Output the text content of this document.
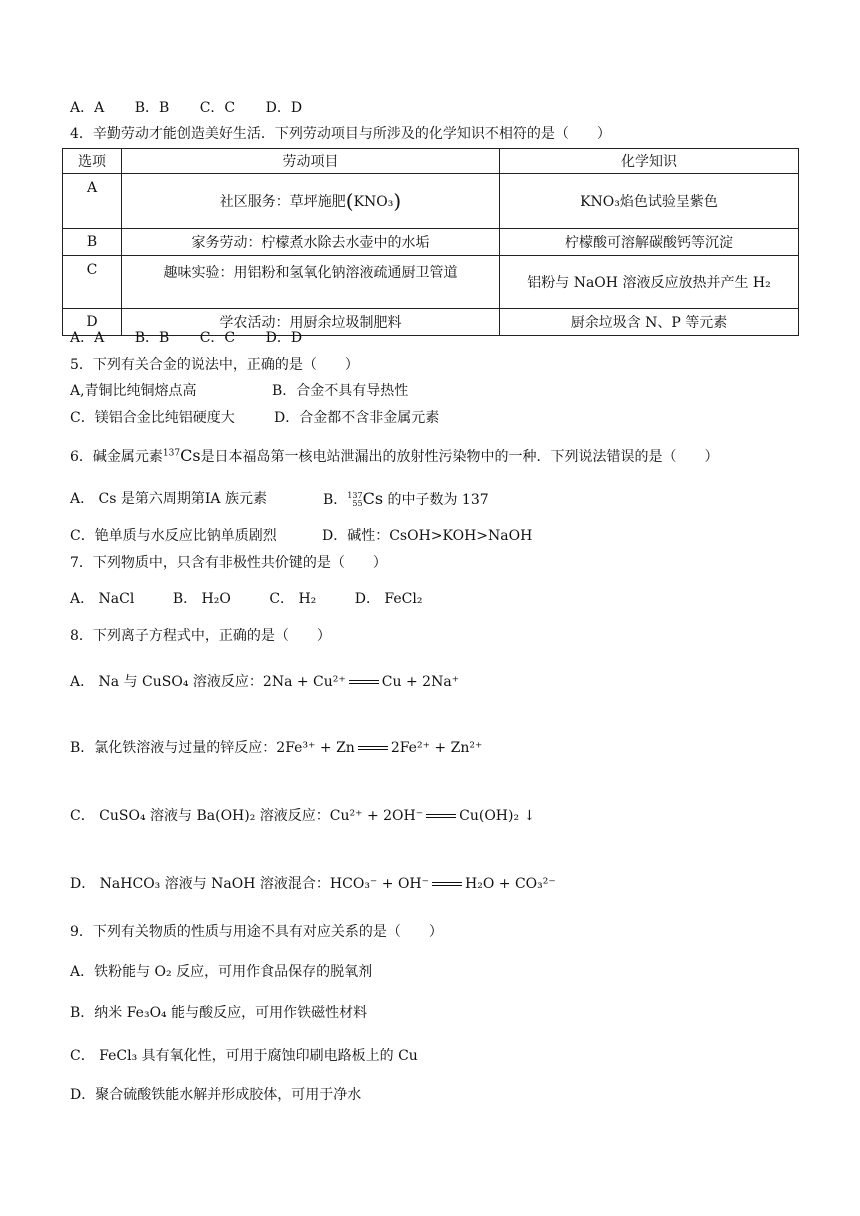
A．A B．B C．C D．D
4．辛勤劳动才能创造美好生活．下列劳动项目与所涉及的化学知识不相符的是（　　）
选项	劳动项目	化学知识
A	社区服务：草坪施肥(KNO₃)	KNO₃焰色试验呈紫色
B	家务劳动：柠檬煮水除去水壶中的水垢	柠檬酸可溶解碳酸钙等沉淀
C	趣味实验：用铝粉和氢氧化钠溶液疏通厨卫管道	铝粉与 NaOH 溶液反应放热并产生 H₂
D	学农活动：用厨余垃圾制肥料	厨余垃圾含 N、P 等元素
A．A B．B C．C D．D
5．下列有关合金的说法中，正确的是（　　）
A,青铜比纯铜熔点高	B．合金不具有导热性
C．镁铝合金比纯铝硬度大	D．合金都不含非金属元素
6．碱金属元素$^{137}$Cs是日本福岛第一核电站泄漏出的放射性污染物中的一种．下列说法错误的是（　　）
A． Cs 是第六周期第ⅠA 族元素	B．137
55Cs 的中子数为 137
C．铯单质与水反应比钠单质剧烈	D．碱性：CsOH>KOH>NaOH
7．下列物质中，只含有非极性共价键的是（　　）
A． NaCl	B． H₂O	C． H₂	D． FeCl₂
8．下列离子方程式中，正确的是（　　）
A． Na 与 CuSO₄ 溶液反应：2Na + Cu²⁺	Cu + 2Na⁺
B．氯化铁溶液与过量的锌反应：2Fe³⁺ + Zn	2Fe²⁺ + Zn²⁺
C． CuSO₄ 溶液与 Ba(OH)₂ 溶液反应：Cu²⁺ + 2OH⁻	Cu(OH)₂ ↓
D． NaHCO₃ 溶液与 NaOH 溶液混合：HCO₃⁻ + OH⁻	H₂O + CO₃²⁻
9．下列有关物质的性质与用途不具有对应关系的是（　　）
A．铁粉能与 O₂ 反应，可用作食品保存的脱氧剂
B．纳米 Fe₃O₄ 能与酸反应，可用作铁磁性材料
C． FeCl₃ 具有氧化性，可用于腐蚀印刷电路板上的 Cu
D．聚合硫酸铁能水解并形成胶体，可用于净水
